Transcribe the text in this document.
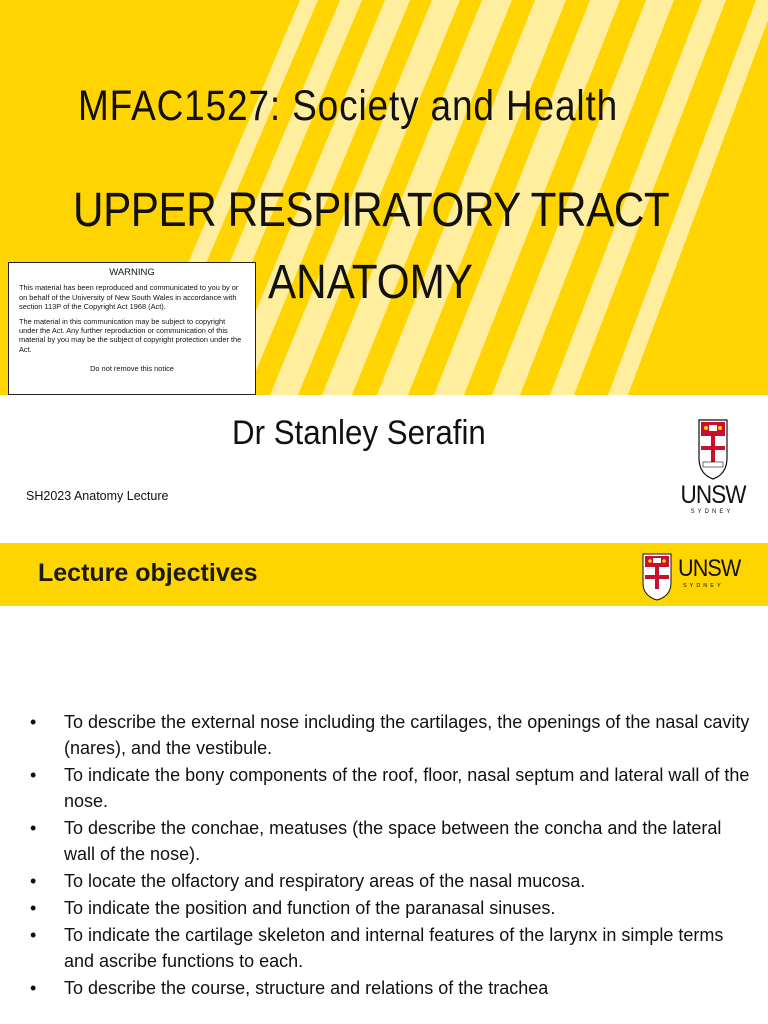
MFAC1527: Society and Health
UPPER RESPIRATORY TRACT
ANATOMY
WARNING

This material has been reproduced and communicated to you by or on behalf of the University of New South Wales in accordance with section 113P of the Copyright Act 1968 (Act).

The material in this communication may be subject to copyright under the Act. Any further reproduction or communication of this material by you may be the subject of copyright protection under the Act.

Do not remove this notice
Dr Stanley Serafin
SH2023 Anatomy Lecture	UNSW
SYDNEY
Lecture objectives	UNSW
SYDNEY
• To describe the external nose including the cartilages, the openings of the nasal cavity (nares), and the vestibule.
• To indicate the bony components of the roof, floor, nasal septum and lateral wall of the nose.
• To describe the conchae, meatuses (the space between the concha and the lateral wall of the nose).
• To locate the olfactory and respiratory areas of the nasal mucosa.
• To indicate the position and function of the paranasal sinuses.
• To indicate the cartilage skeleton and internal features of the larynx in simple terms and ascribe functions to each.
• To describe the course, structure and relations of the trachea
